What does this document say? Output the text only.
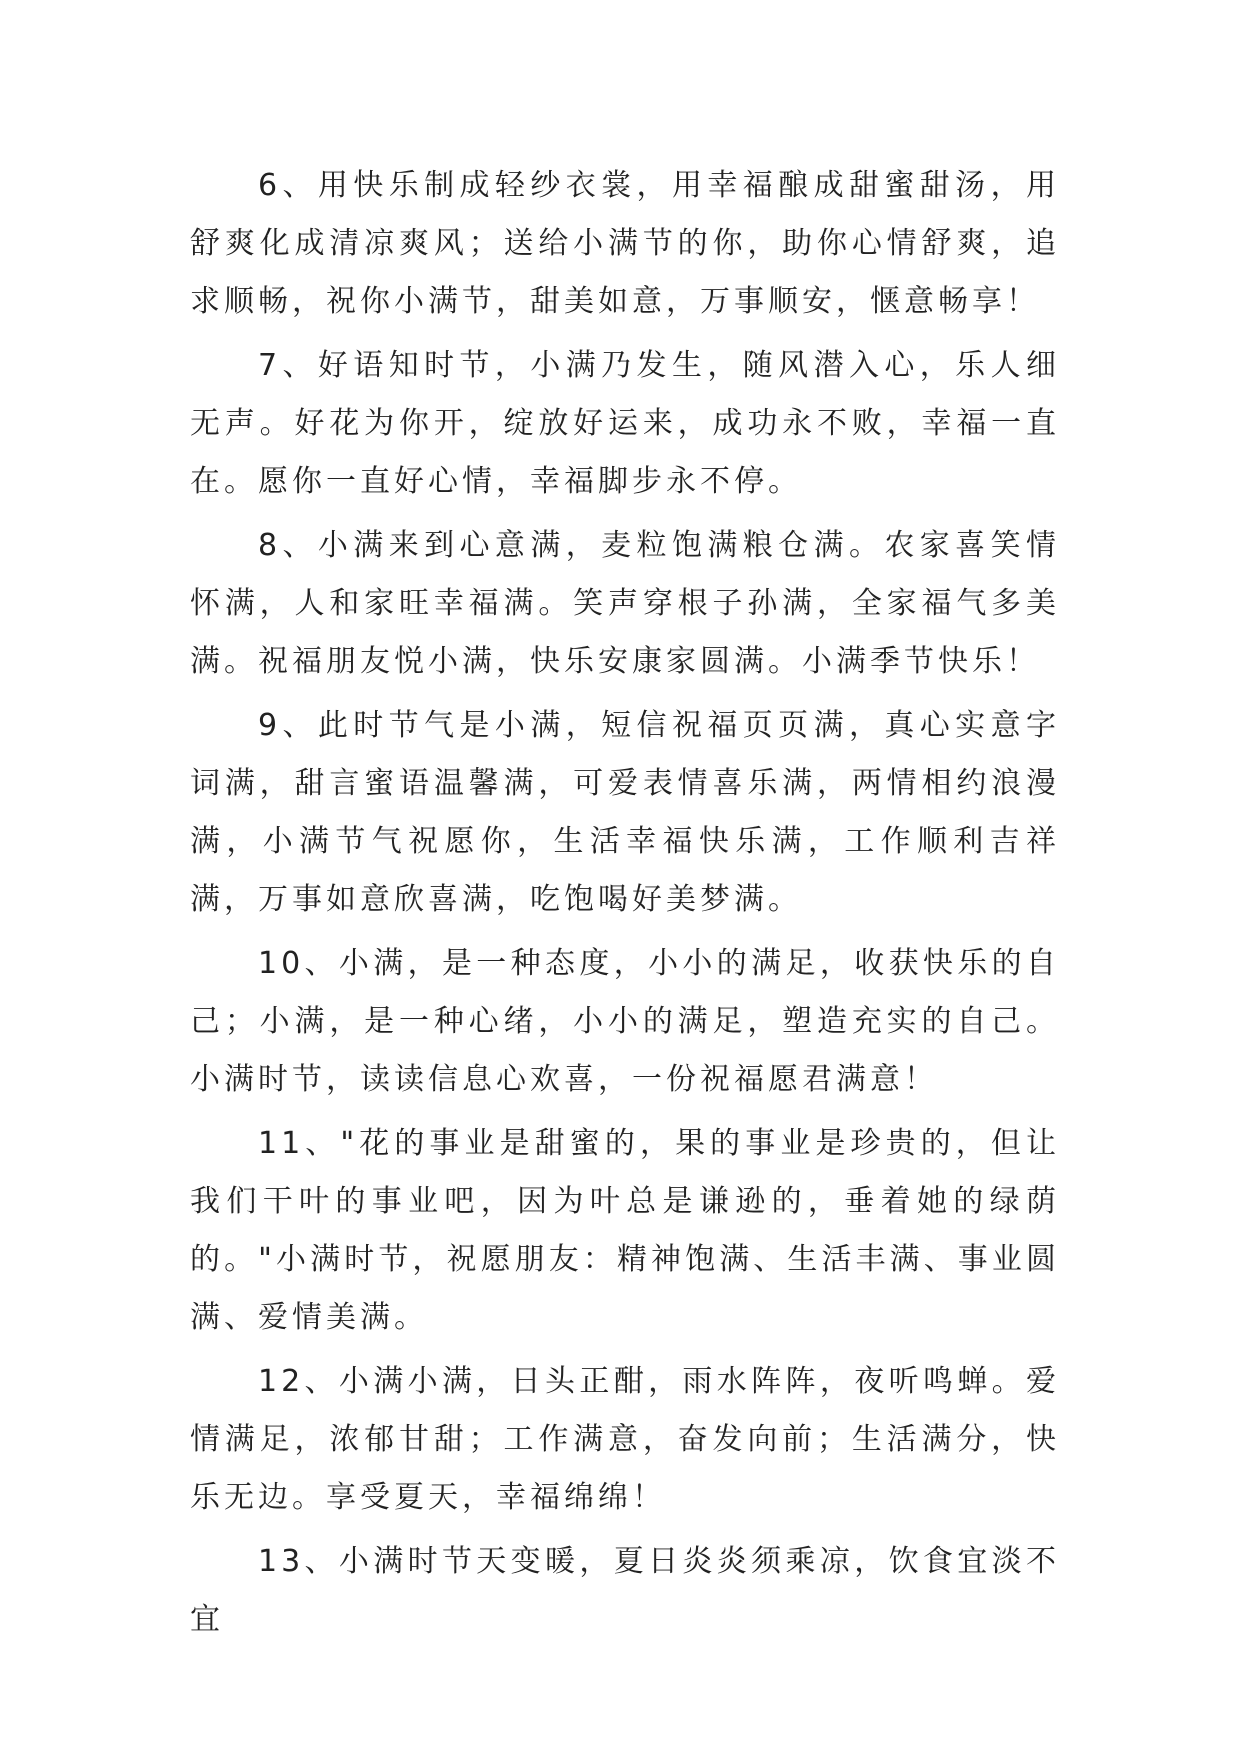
6、用快乐制成轻纱衣裳，用幸福酿成甜蜜甜汤，用舒爽化成清凉爽风；送给小满节的你，助你心情舒爽，追求顺畅，祝你小满节，甜美如意，万事顺安，惬意畅享！

7、好语知时节，小满乃发生，随风潜入心，乐人细无声。好花为你开，绽放好运来，成功永不败，幸福一直在。愿你一直好心情，幸福脚步永不停。

8、小满来到心意满，麦粒饱满粮仓满。农家喜笑情怀满，人和家旺幸福满。笑声穿根子孙满，全家福气多美满。祝福朋友悦小满，快乐安康家圆满。小满季节快乐！

9、此时节气是小满，短信祝福页页满，真心实意字词满，甜言蜜语温馨满，可爱表情喜乐满，两情相约浪漫满，小满节气祝愿你，生活幸福快乐满，工作顺利吉祥满，万事如意欣喜满，吃饱喝好美梦满。

10、小满，是一种态度，小小的满足，收获快乐的自己；小满，是一种心绪，小小的满足，塑造充实的自己。小满时节，读读信息心欢喜，一份祝福愿君满意！

11、"花的事业是甜蜜的，果的事业是珍贵的，但让我们干叶的事业吧，因为叶总是谦逊的，垂着她的绿荫的。"小满时节，祝愿朋友：精神饱满、生活丰满、事业圆满、爱情美满。

12、小满小满，日头正酣，雨水阵阵，夜听鸣蝉。爱情满足，浓郁甘甜；工作满意，奋发向前；生活满分，快乐无边。享受夏天，幸福绵绵！

13、小满时节天变暖，夏日炎炎须乘凉，饮食宜淡不宜
